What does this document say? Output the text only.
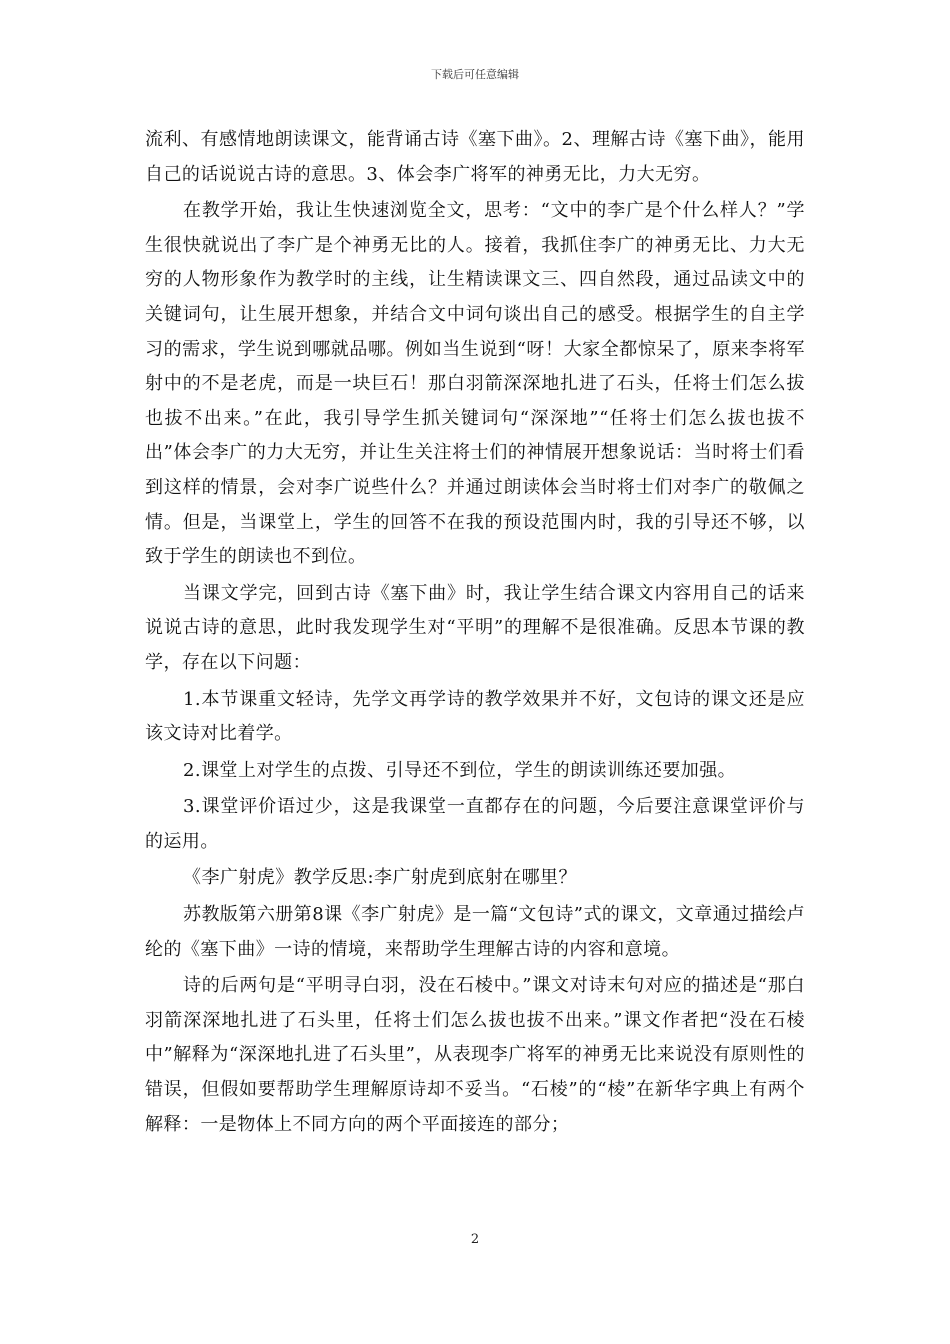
下载后可任意编辑

流利、有感情地朗读课文，能背诵古诗《塞下曲》。2、理解古诗《塞下曲》，能用自己的话说说古诗的意思。3、体会李广将军的神勇无比，力大无穷。

在教学开始，我让生快速浏览全文，思考：“文中的李广是个什么样人？”学生很快就说出了李广是个神勇无比的人。接着，我抓住李广的神勇无比、力大无穷的人物形象作为教学时的主线，让生精读课文三、四自然段，通过品读文中的关键词句，让生展开想象，并结合文中词句谈出自己的感受。根据学生的自主学习的需求，学生说到哪就品哪。例如当生说到“呀！大家全都惊呆了，原来李将军射中的不是老虎，而是一块巨石！那白羽箭深深地扎进了石头，任将士们怎么拔也拔不出来。”在此，我引导学生抓关键词句“深深地”“任将士们怎么拔也拔不出”体会李广的力大无穷，并让生关注将士们的神情展开想象说话：当时将士们看到这样的情景，会对李广说些什么？并通过朗读体会当时将士们对李广的敬佩之情。但是，当课堂上，学生的回答不在我的预设范围内时，我的引导还不够，以致于学生的朗读也不到位。

当课文学完，回到古诗《塞下曲》时，我让学生结合课文内容用自己的话来说说古诗的意思，此时我发现学生对“平明”的理解不是很准确。反思本节课的教学，存在以下问题：

1.本节课重文轻诗，先学文再学诗的教学效果并不好，文包诗的课文还是应该文诗对比着学。

2.课堂上对学生的点拨、引导还不到位，学生的朗读训练还要加强。

3.课堂评价语过少，这是我课堂一直都存在的问题，今后要注意课堂评价与的运用。

《李广射虎》教学反思:李广射虎到底射在哪里？

苏教版第六册第8课《李广射虎》是一篇“文包诗”式的课文，文章通过描绘卢纶的《塞下曲》一诗的情境，来帮助学生理解古诗的内容和意境。

诗的后两句是“平明寻白羽，没在石棱中。”课文对诗末句对应的描述是“那白羽箭深深地扎进了石头里，任将士们怎么拔也拔不出来。”课文作者把“没在石棱中”解释为“深深地扎进了石头里”，从表现李广将军的神勇无比来说没有原则性的错误，但假如要帮助学生理解原诗却不妥当。“石棱”的“棱”在新华字典上有两个解释：一是物体上不同方向的两个平面接连的部分；

2
